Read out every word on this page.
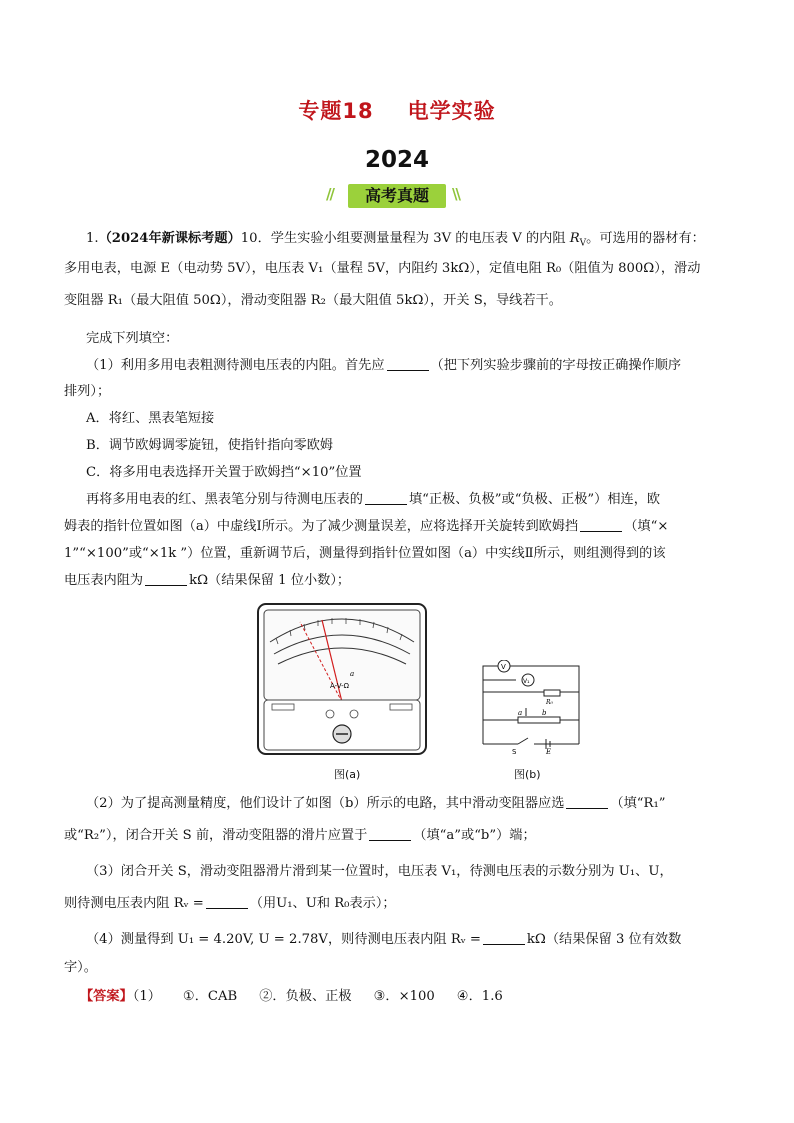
专题18 电学实验
2024
//	高考真题	\\
1.（2024年新课标考题）10．学生实验小组要测量量程为 3V 的电压表 V 的内阻 $R_V$。可选用的器材有：
多用电表，电源 E（电动势 5V），电压表 V₁（量程 5V，内阻约 3kΩ），定值电阻 R₀（阻值为 800Ω），滑动
变阻器 R₁（最大阻值 50Ω），滑动变阻器 R₂（最大阻值 5kΩ），开关 S，导线若干。
完成下列填空：
（1）利用多用电表粗测待测电压表的内阻。首先应	（把下列实验步骤前的字母按正确操作顺序
排列）；
A．将红、黑表笔短接
B．调节欧姆调零旋钮，使指针指向零欧姆
C．将多用电表选择开关置于欧姆挡“×10”位置
再将多用电表的红、黑表笔分别与待测电压表的	填“正极、负极”或“负极、正极”）相连，欧
姆表的指针位置如图（a）中虚线Ⅰ所示。为了减少测量误差，应将选择开关旋转到欧姆挡	（填“×
1”“×100”或“×1k ”）位置，重新调节后，测量得到指针位置如图（a）中实线Ⅱ所示，则组测得到的该
电压表内阻为	kΩ（结果保留 1 位小数）；
A-V-Ω
a
图(a)
V
V₁
R₀
a	b
S	E
图(b)
（2）为了提高测量精度，他们设计了如图（b）所示的电路，其中滑动变阻器应选	（填“R₁”
或“R₂”），闭合开关 S 前，滑动变阻器的滑片应置于	（填“a”或“b”）端；
（3）闭合开关 S，滑动变阻器滑片滑到某一位置时，电压表 V₁，待测电压表的示数分别为 U₁、U，
则待测电压表内阻 Rᵥ =	（用U₁、U和 R₀表示）；
（4）测量得到 U₁ = 4.20V, U = 2.78V，则待测电压表内阻 Rᵥ =	kΩ（结果保留 3 位有效数
字）。
【答案】（1） ①．CAB ②．负极、正极 ③．×100 ④．1.6
